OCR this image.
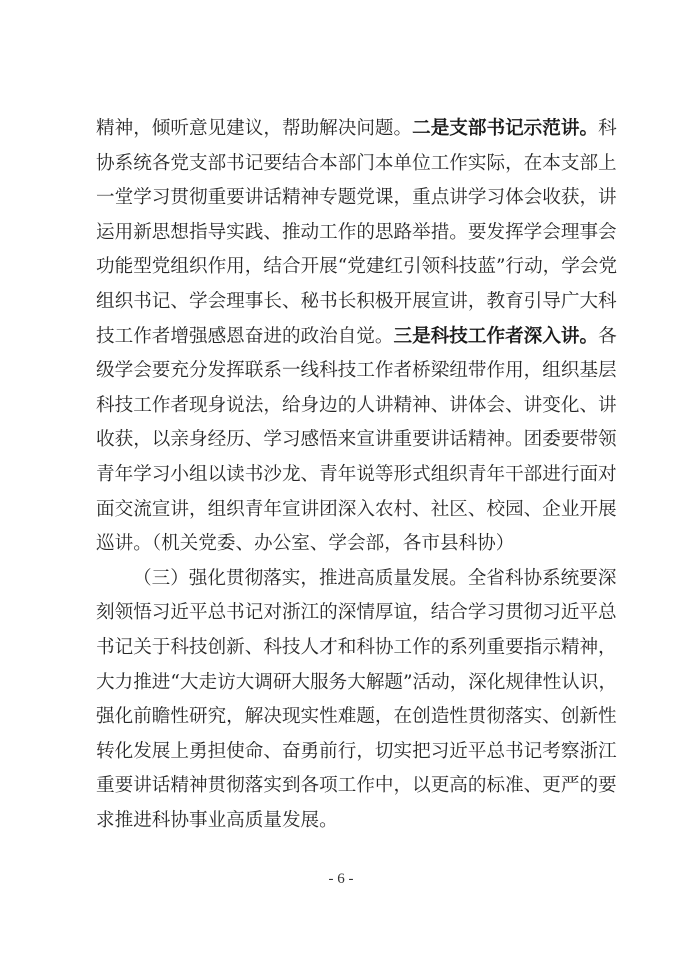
精神，倾听意见建议，帮助解决问题。二是支部书记示范讲。科
协系统各党支部书记要结合本部门本单位工作实际，在本支部上
一堂学习贯彻重要讲话精神专题党课，重点讲学习体会收获，讲
运用新思想指导实践、推动工作的思路举措。要发挥学会理事会
功能型党组织作用，结合开展“党建红引领科技蓝”行动，学会党
组织书记、学会理事长、秘书长积极开展宣讲，教育引导广大科
技工作者增强感恩奋进的政治自觉。三是科技工作者深入讲。各
级学会要充分发挥联系一线科技工作者桥梁纽带作用，组织基层
科技工作者现身说法，给身边的人讲精神、讲体会、讲变化、讲
收获，以亲身经历、学习感悟来宣讲重要讲话精神。团委要带领
青年学习小组以读书沙龙、青年说等形式组织青年干部进行面对
面交流宣讲，组织青年宣讲团深入农村、社区、校园、企业开展
巡讲。（机关党委、办公室、学会部，各市县科协）
（三）强化贯彻落实，推进高质量发展。全省科协系统要深
刻领悟习近平总书记对浙江的深情厚谊，结合学习贯彻习近平总
书记关于科技创新、科技人才和科协工作的系列重要指示精神，
大力推进“大走访大调研大服务大解题”活动，深化规律性认识，
强化前瞻性研究，解决现实性难题，在创造性贯彻落实、创新性
转化发展上勇担使命、奋勇前行，切实把习近平总书记考察浙江
重要讲话精神贯彻落实到各项工作中，以更高的标准、更严的要
求推进科协事业高质量发展。
- 6 -
